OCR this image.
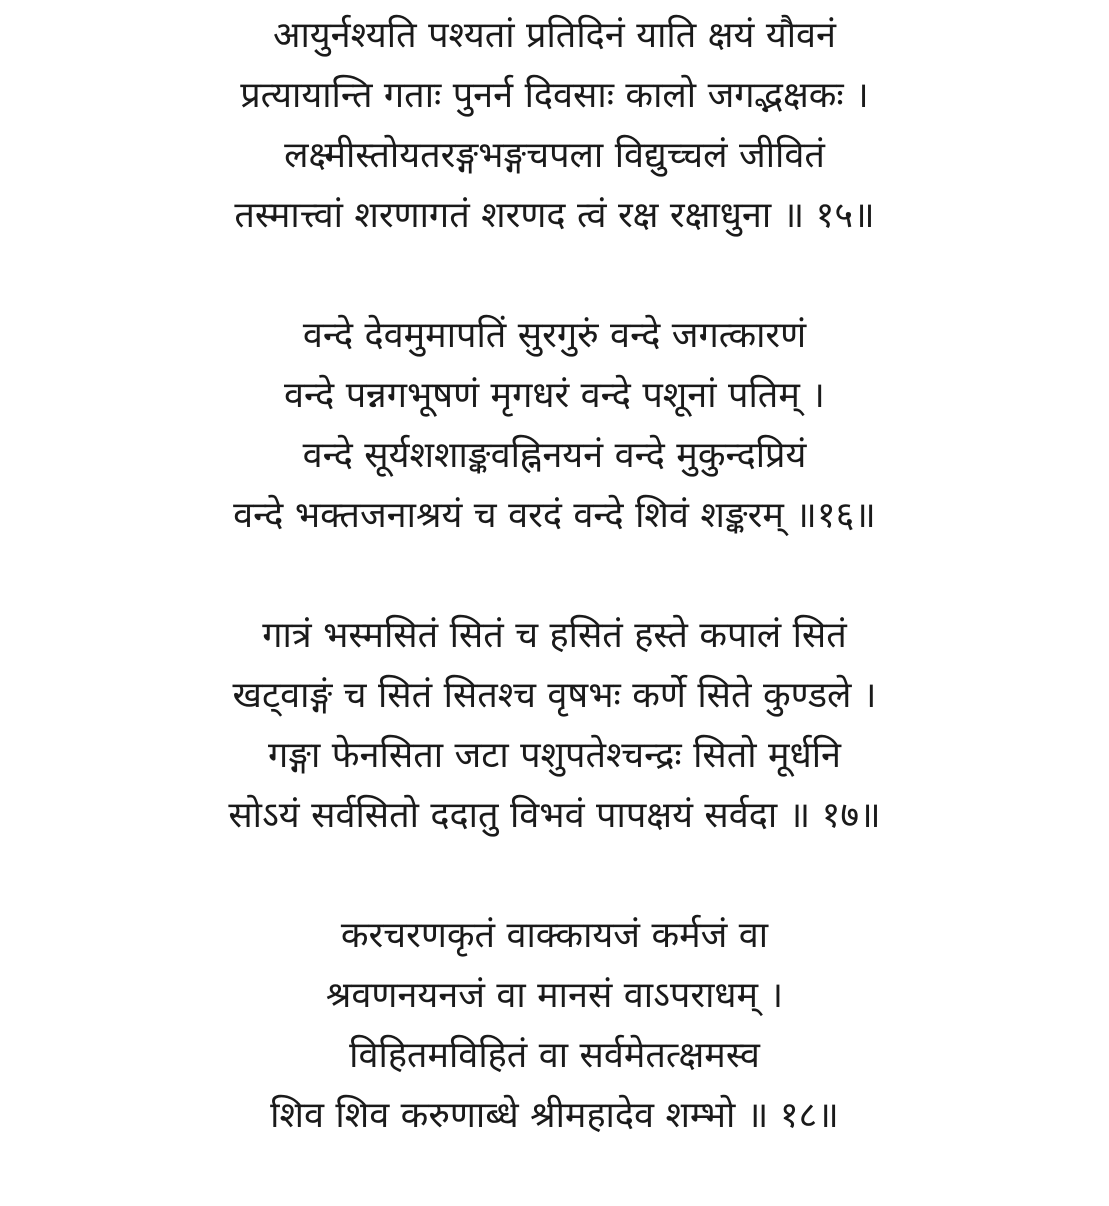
आयुर्नश्यति पश्यतां प्रतिदिनं याति क्षयं यौवनं
प्रत्यायान्ति गताः पुनर्न दिवसाः कालो जगद्भक्षकः ।
लक्ष्मीस्तोयतरङ्गभङ्गचपला विद्युच्चलं जीवितं
तस्मात्त्वां शरणागतं शरणद त्वं रक्ष रक्षाधुना ॥ १५॥
वन्दे देवमुमापतिं सुरगुरुं वन्दे जगत्कारणं
वन्दे पन्नगभूषणं मृगधरं वन्दे पशूनां पतिम् ।
वन्दे सूर्यशशाङ्कवह्निनयनं वन्दे मुकुन्दप्रियं
वन्दे भक्तजनाश्रयं च वरदं वन्दे शिवं शङ्करम् ॥१६॥
गात्रं भस्मसितं सितं च हसितं हस्ते कपालं सितं
खट्वाङ्गं च सितं सितश्च वृषभः कर्णे सिते कुण्डले ।
गङ्गा फेनसिता जटा पशुपतेश्चन्द्रः सितो मूर्धनि
सोऽयं सर्वसितो ददातु विभवं पापक्षयं सर्वदा ॥ १७॥
करचरणकृतं वाक्कायजं कर्मजं वा
श्रवणनयनजं वा मानसं वाऽपराधम् ।
विहितमविहितं वा सर्वमेतत्क्षमस्व
शिव शिव करुणाब्धे श्रीमहादेव शम्भो ॥ १८॥
